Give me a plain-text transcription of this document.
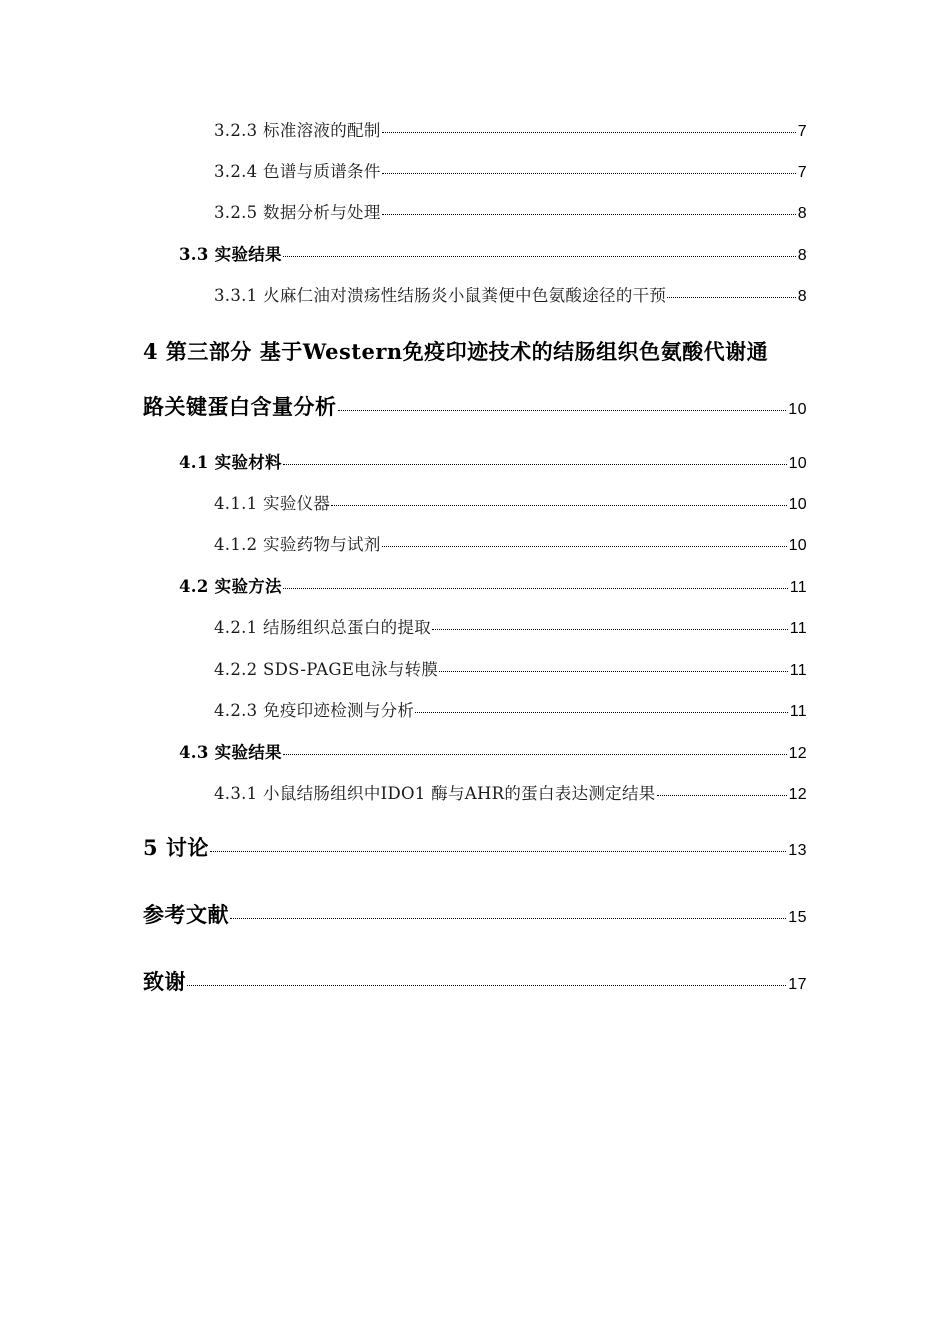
3.2.3 标准溶液的配制	7
3.2.4 色谱与质谱条件	7
3.2.5 数据分析与处理	8
3.3 实验结果	8
3.3.1 火麻仁油对溃疡性结肠炎小鼠粪便中色氨酸途径的干预	8
4 第三部分 基于Western免疫印迹技术的结肠组织色氨酸代谢通
路关键蛋白含量分析	10
4.1 实验材料	10
4.1.1 实验仪器	10
4.1.2 实验药物与试剂	10
4.2 实验方法	11
4.2.1 结肠组织总蛋白的提取	11
4.2.2 SDS-PAGE电泳与转膜	11
4.2.3 免疫印迹检测与分析	11
4.3 实验结果	12
4.3.1 小鼠结肠组织中IDO1 酶与AHR的蛋白表达测定结果	12
5 讨论	13
参考文献	15
致谢	17
